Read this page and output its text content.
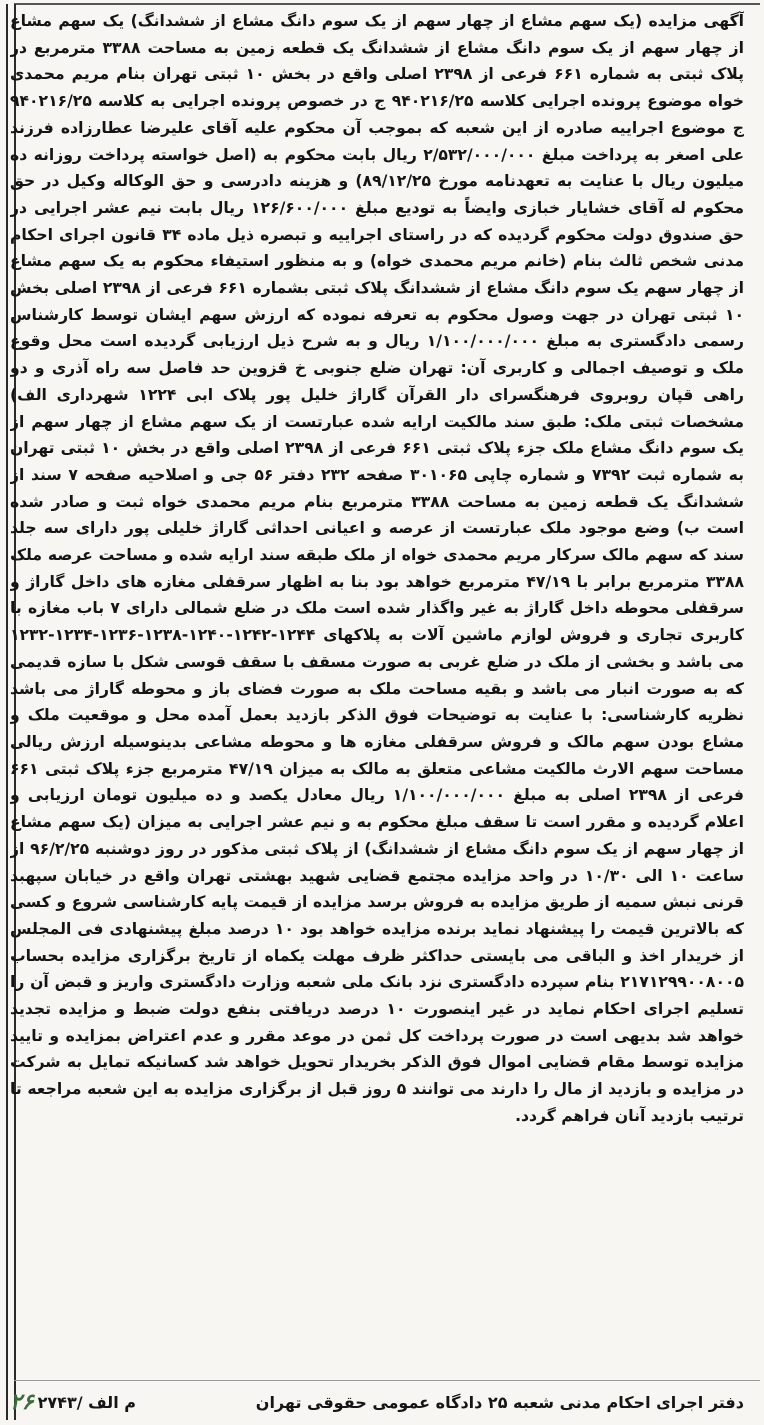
آگهی مزایده (یک سهم مشاع از چهار سهم از یک سوم دانگ مشاع از ششدانگ) یک سهم مشاع از چهار سهم از یک سوم دانگ مشاع از ششدانگ یک قطعه زمین به مساحت ۳۳۸۸ مترمربع در پلاک ثبتی به شماره ۶۶۱ فرعی از ۲۳۹۸ اصلی واقع در بخش ۱۰ ثبتی تهران بنام مریم محمدی خواه موضوع پرونده اجرایی کلاسه ۹۴۰۲۱۶/۲۵ ج در خصوص پرونده اجرایی به کلاسه ۹۴۰۲۱۶/۲۵ ج موضوع اجراییه صادره از این شعبه که بموجب آن محکوم علیه آقای علیرضا عطارزاده فرزند علی اصغر به پرداخت مبلغ ۲/۵۳۲/۰۰۰/۰۰۰ ریال بابت محکوم به (اصل خواسته پرداخت روزانه ده میلیون ریال با عنایت به تعهدنامه مورخ ۸۹/۱۲/۲۵) و هزینه دادرسی و حق الوکاله وکیل در حق محکوم له آقای خشایار خبازی وایضاً به تودیع مبلغ ۱۲۶/۶۰۰/۰۰۰ ریال بابت نیم عشر اجرایی در حق صندوق دولت محکوم گردیده که در راستای اجراییه و تبصره ذیل ماده ۳۴ قانون اجرای احکام مدنی شخص ثالث بنام (خانم مریم محمدی خواه) و به منظور استیفاء محکوم به یک سهم مشاع از چهار سهم یک سوم دانگ مشاع از ششدانگ پلاک ثبتی بشماره ۶۶۱ فرعی از ۲۳۹۸ اصلی بخش ۱۰ ثبتی تهران در جهت وصول محکوم به تعرفه نموده که ارزش سهم ایشان توسط کارشناس رسمی دادگستری به مبلغ ۱/۱۰۰/۰۰۰/۰۰۰ ریال و به شرح ذیل ارزیابی گردیده است محل وقوع ملک و توصیف اجمالی و کاربری آن: تهران ضلع جنوبی خ قزوین حد فاصل سه راه آذری و دو راهی قپان روبروی فرهنگسرای دار القرآن گاراژ خلیل پور پلاک ابی ۱۲۲۴ شهرداری الف) مشخصات ثبتی ملک: طبق سند مالکیت ارایه شده عبارتست از یک سهم مشاع از چهار سهم از یک سوم دانگ مشاع ملک جزء پلاک ثبتی ۶۶۱ فرعی از ۲۳۹۸ اصلی واقع در بخش ۱۰ ثبتی تهران به شماره ثبت ۷۳۹۲ و شماره چاپی ۳۰۱۰۶۵ صفحه ۲۳۲ دفتر ۵۶ جی و اصلاحیه صفحه ۷ سند از ششدانگ یک قطعه زمین به مساحت ۳۳۸۸ مترمربع بنام مریم محمدی خواه ثبت و صادر شده است ب) وضع موجود ملک عبارتست از عرصه و اعیانی احداثی گاراژ خلیلی پور دارای سه جلد سند که سهم مالک سرکار مریم محمدی خواه از ملک طبقه سند ارایه شده و مساحت عرصه ملک ۳۳۸۸ مترمربع برابر با ۴۷/۱۹ مترمربع خواهد بود بنا به اظهار سرقفلی مغازه های داخل گاراژ و سرقفلی محوطه داخل گاراژ به غیر واگذار شده است ملک در ضلع شمالی دارای ۷ باب مغازه با کاربری تجاری و فروش لوازم ماشین آلات به پلاکهای ۱۲۴۴-۱۲۴۲-۱۲۴۰-۱۲۳۸-۱۲۳۶-۱۲۳۴-۱۲۳۲ می باشد و بخشی از ملک در ضلع غربی به صورت مسقف با سقف قوسی شکل با سازه قدیمی که به صورت انبار می باشد و بقیه مساحت ملک به صورت فضای باز و محوطه گاراژ می باشد نظریه کارشناسی: با عنایت به توضیحات فوق الذکر بازدید بعمل آمده محل و موقعیت ملک و مشاع بودن سهم مالک و فروش سرقفلی مغازه ها و محوطه مشاعی بدینوسیله ارزش ریالی مساحت سهم الارث مالکیت مشاعی متعلق به مالک به میزان ۴۷/۱۹ مترمربع جزء پلاک ثبتی ۶۶۱ فرعی از ۲۳۹۸ اصلی به مبلغ ۱/۱۰۰/۰۰۰/۰۰۰ ریال معادل یکصد و ده میلیون تومان ارزیابی و اعلام گردیده و مقرر است تا سقف مبلغ محکوم به و نیم عشر اجرایی به میزان (یک سهم مشاع از چهار سهم از یک سوم دانگ مشاع از ششدانگ) از پلاک ثبتی مذکور در روز دوشنبه ۹۶/۲/۲۵ از ساعت ۱۰ الی ۱۰/۳۰ در واحد مزایده مجتمع قضایی شهید بهشتی تهران واقع در خیابان سپهبد قرنی نبش سمیه از طریق مزایده به فروش برسد مزایده از قیمت پایه کارشناسی شروع و کسی که بالاترین قیمت را پیشنهاد نماید برنده مزایده خواهد بود ۱۰ درصد مبلغ پیشنهادی فی المجلس از خریدار اخذ و الباقی می بایستی حداکثر ظرف مهلت یکماه از تاریخ برگزاری مزایده بحساب ۲۱۷۱۲۹۹۰۰۸۰۰۵ بنام سپرده دادگستری نزد بانک ملی شعبه وزارت دادگستری واریز و قبض آن را تسلیم اجرای احکام نماید در غیر اینصورت ۱۰ درصد دریافتی بنفع دولت ضبط و مزایده تجدید خواهد شد بدیهی است در صورت پرداخت کل ثمن در موعد مقرر و عدم اعتراض بمزایده و تایید مزایده توسط مقام قضایی اموال فوق الذکر بخریدار تحویل خواهد شد کسانیکه تمایل به شرکت در مزایده و بازدید از مال را دارند می توانند ۵ روز قبل از برگزاری مزایده به این شعبه مراجعه تا ترتیب بازدید آنان فراهم گردد.

دفتر اجرای احکام مدنی شعبه ۲۵ دادگاه عمومی حقوقی تهران
۲۶ ۲۷۴۳/ م الف
